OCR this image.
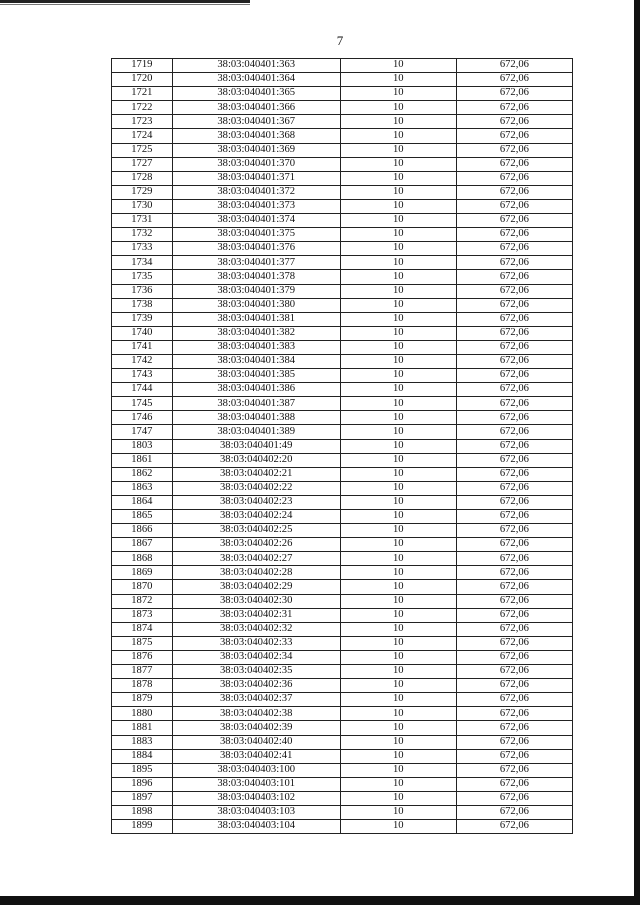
7
1719	38:03:040401:363	10	672,06
1720	38:03:040401:364	10	672,06
1721	38:03:040401:365	10	672,06
1722	38:03:040401:366	10	672,06
1723	38:03:040401:367	10	672,06
1724	38:03:040401:368	10	672,06
1725	38:03:040401:369	10	672,06
1727	38:03:040401:370	10	672,06
1728	38:03:040401:371	10	672,06
1729	38:03:040401:372	10	672,06
1730	38:03:040401:373	10	672,06
1731	38:03:040401:374	10	672,06
1732	38:03:040401:375	10	672,06
1733	38:03:040401:376	10	672,06
1734	38:03:040401:377	10	672,06
1735	38:03:040401:378	10	672,06
1736	38:03:040401:379	10	672,06
1738	38:03:040401:380	10	672,06
1739	38:03:040401:381	10	672,06
1740	38:03:040401:382	10	672,06
1741	38:03:040401:383	10	672,06
1742	38:03:040401:384	10	672,06
1743	38:03:040401:385	10	672,06
1744	38:03:040401:386	10	672,06
1745	38:03:040401:387	10	672,06
1746	38:03:040401:388	10	672,06
1747	38:03:040401:389	10	672,06
1803	38:03:040401:49	10	672,06
1861	38:03:040402:20	10	672,06
1862	38:03:040402:21	10	672,06
1863	38:03:040402:22	10	672,06
1864	38:03:040402:23	10	672,06
1865	38:03:040402:24	10	672,06
1866	38:03:040402:25	10	672,06
1867	38:03:040402:26	10	672,06
1868	38:03:040402:27	10	672,06
1869	38:03:040402:28	10	672,06
1870	38:03:040402:29	10	672,06
1872	38:03:040402:30	10	672,06
1873	38:03:040402:31	10	672,06
1874	38:03:040402:32	10	672,06
1875	38:03:040402:33	10	672,06
1876	38:03:040402:34	10	672,06
1877	38:03:040402:35	10	672,06
1878	38:03:040402:36	10	672,06
1879	38:03:040402:37	10	672,06
1880	38:03:040402:38	10	672,06
1881	38:03:040402:39	10	672,06
1883	38:03:040402:40	10	672,06
1884	38:03:040402:41	10	672,06
1895	38:03:040403:100	10	672,06
1896	38:03:040403:101	10	672,06
1897	38:03:040403:102	10	672,06
1898	38:03:040403:103	10	672,06
1899	38:03:040403:104	10	672,06
